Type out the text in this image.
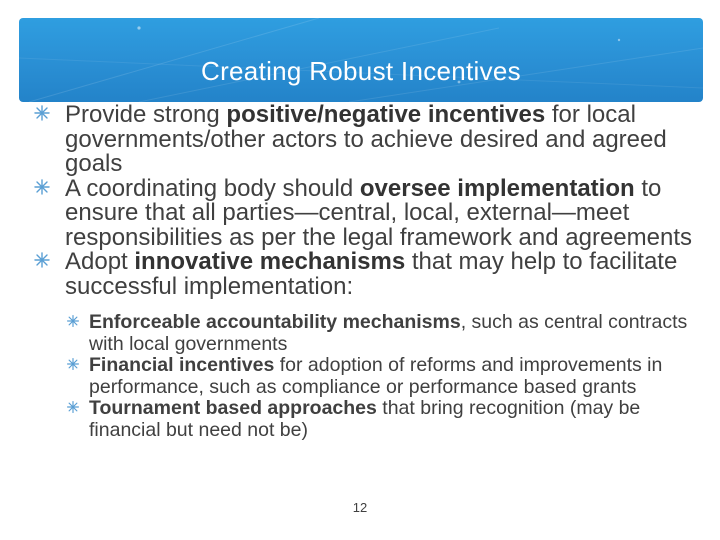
Creating Robust Incentives
Provide strong positive/negative incentives for local governments/other actors to achieve desired and agreed goals
A coordinating body should oversee implementation to ensure that all parties—central, local, external—meet responsibilities as per the legal framework and agreements
Adopt innovative mechanisms that may help to facilitate successful implementation:
Enforceable accountability mechanisms, such as central contracts with local governments
Financial incentives for adoption of reforms and improvements in performance, such as compliance or performance based grants
Tournament based approaches that bring recognition (may be financial but need not be)
12
